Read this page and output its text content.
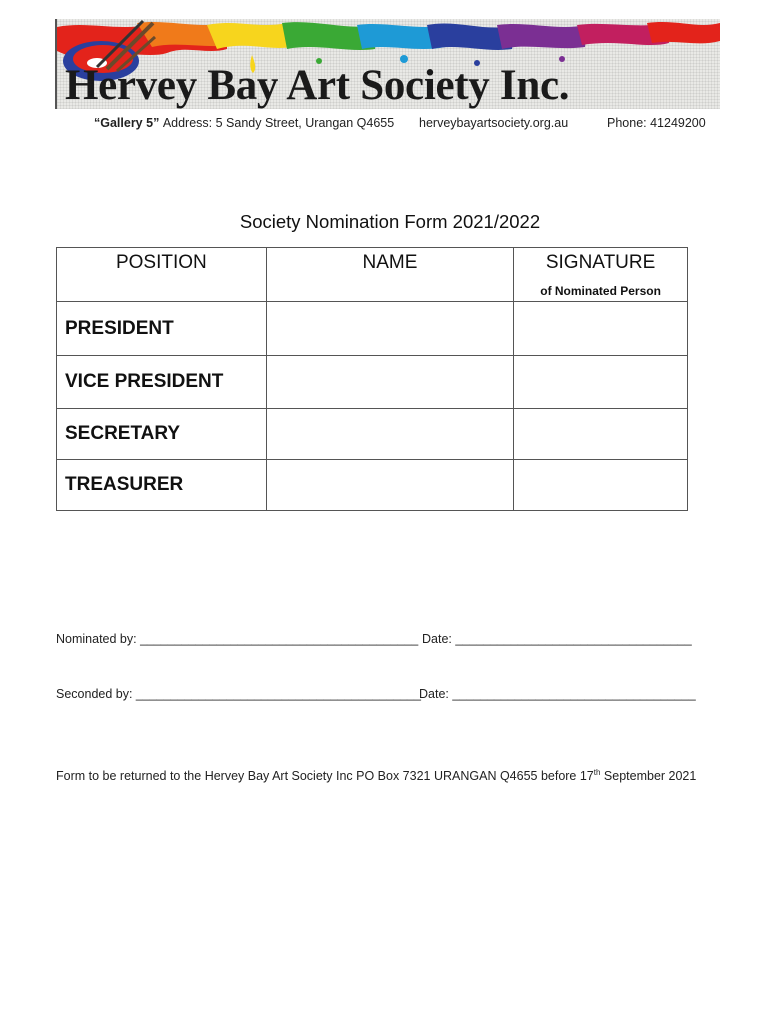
Hervey Bay Art Society Inc.
“Gallery 5” Address: 5 Sandy Street, Urangan Q4655 herveybayartsociety.org.au	Phone: 41249200
Society Nomination Form 2021/2022
POSITION	NAME	SIGNATURE
of Nominated Person

PRESIDENT		
VICE PRESIDENT		
SECRETARY		
TREASURER		
Nominated by: ________________________________________ Date: __________________________________
Seconded by: _________________________________________
Date: ___________________________________
Form to be returned to the Hervey Bay Art Society Inc PO Box 7321 URANGAN Q4655 before 17th September 2021
